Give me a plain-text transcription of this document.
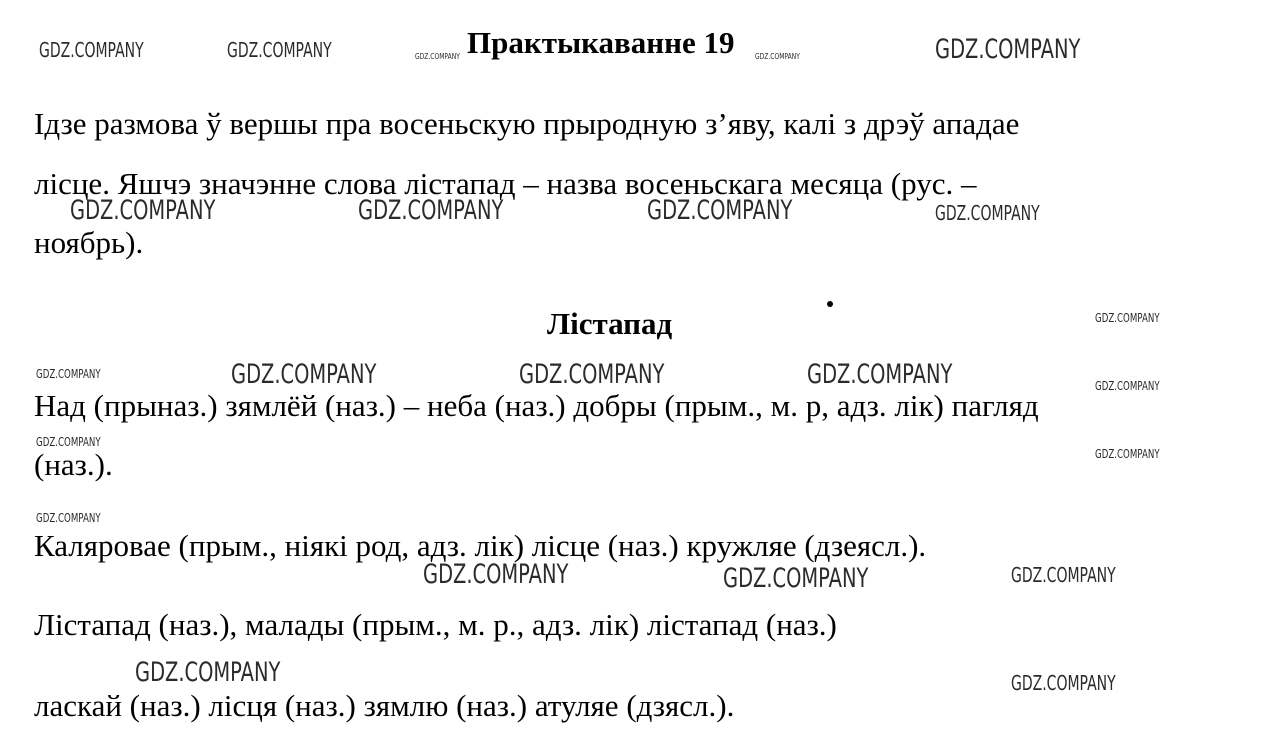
Практыкаванне 19

Ідзе размова ў вершы пра восеньскую прыродную з’яву, калі з дрэў ападае

лісце. Яшчэ значэнне слова лістапад – назва восеньскага месяца (рус. –

ноябрь).

Лістапад

Над (прыназ.) зямлёй (наз.) – неба (наз.) добры (прым., м. р, адз. лік) пагляд

(наз.).

Каляровае (прым., ніякі род, адз. лік) лісце (наз.) кружляе (дзеясл.).

Лістапад (наз.), малады (прым., м. р., адз. лік) лістапад (наз.)

ласкай (наз.) лісця (наз.) зямлю (наз.) атуляе (дзясл.).

GDZ.COMPANY	GDZ.COMPANY	GDZ.COMPANY	GDZ.COMPANY	GDZ.COMPANY
GDZ.COMPANY	GDZ.COMPANY	GDZ.COMPANY	GDZ.COMPANY
GDZ.COMPANY
GDZ.COMPANY	GDZ.COMPANY	GDZ.COMPANY	GDZ.COMPANY	GDZ.COMPANY
GDZ.COMPANY
GDZ.COMPANY
GDZ.COMPANY
GDZ.COMPANY	GDZ.COMPANY	GDZ.COMPANY
GDZ.COMPANY	GDZ.COMPANY
